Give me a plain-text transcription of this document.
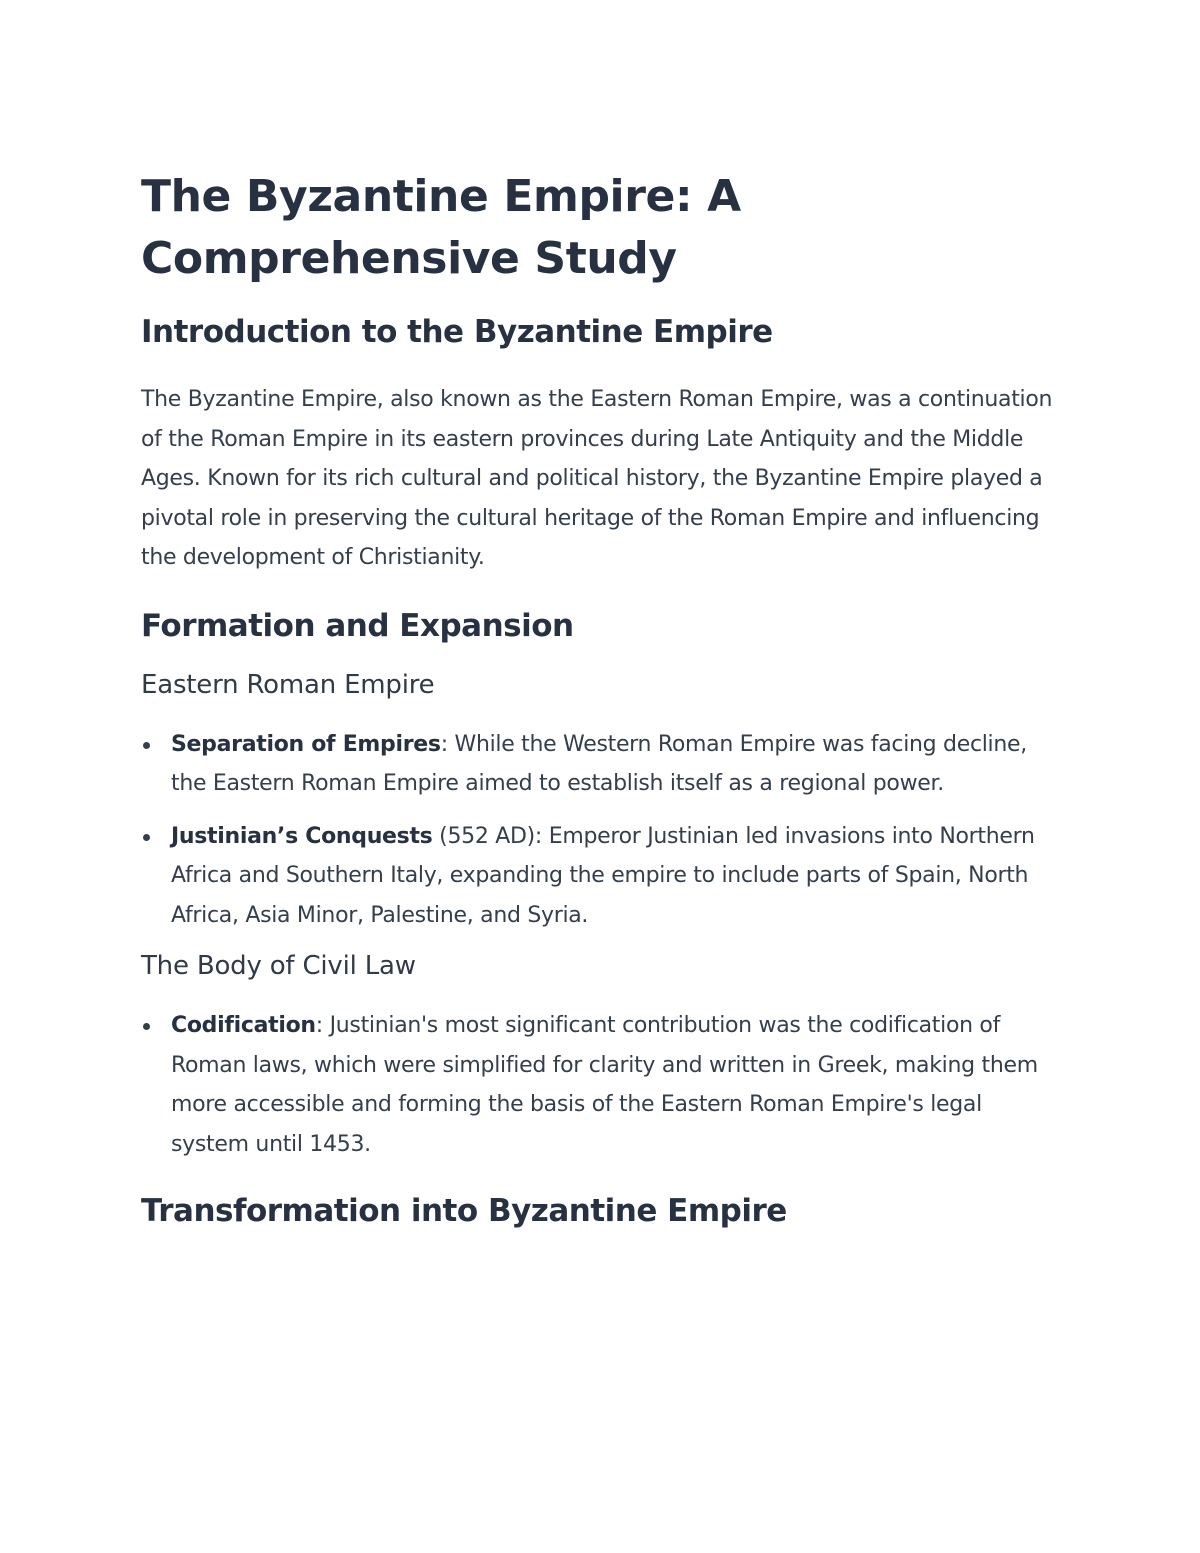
The Byzantine Empire: A Comprehensive Study
Introduction to the Byzantine Empire

The Byzantine Empire, also known as the Eastern Roman Empire, was a continuation of the Roman Empire in its eastern provinces during Late Antiquity and the Middle Ages. Known for its rich cultural and political history, the Byzantine Empire played a pivotal role in preserving the cultural heritage of the Roman Empire and influencing the development of Christianity.

Formation and Expansion
Eastern Roman Empire
Separation of Empires: While the Western Roman Empire was facing decline, the Eastern Roman Empire aimed to establish itself as a regional power.
Justinian’s Conquests (552 AD): Emperor Justinian led invasions into Northern Africa and Southern Italy, expanding the empire to include parts of Spain, North Africa, Asia Minor, Palestine, and Syria.
The Body of Civil Law
Codification: Justinian's most significant contribution was the codification of Roman laws, which were simplified for clarity and written in Greek, making them more accessible and forming the basis of the Eastern Roman Empire's legal system until 1453.
Transformation into Byzantine Empire
